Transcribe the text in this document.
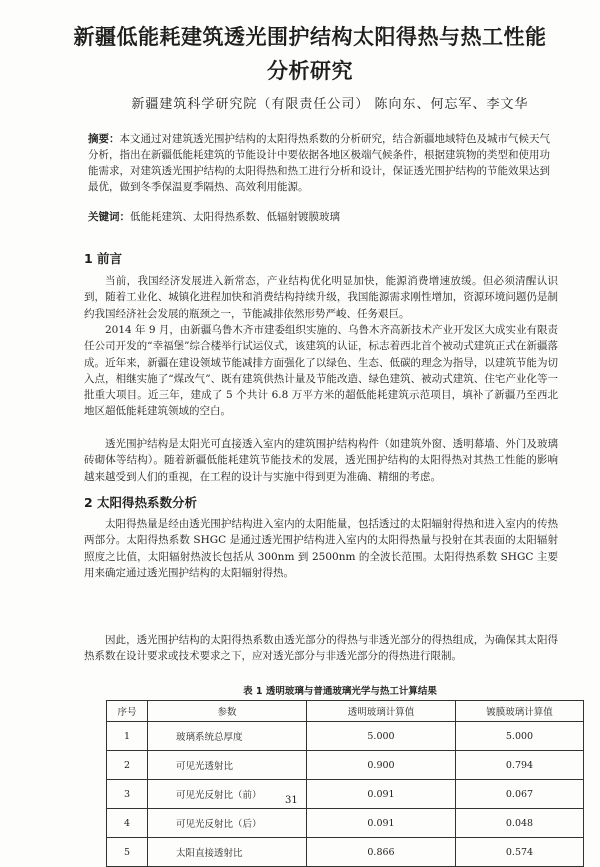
新疆低能耗建筑透光围护结构太阳得热与热工性能分析研究
新疆建筑科学研究院（有限责任公司） 陈向东、何忘军、李文华
摘要：本文通过对建筑透光围护结构的太阳得热系数的分析研究，结合新疆地域特色及城市气候天气分析，指出在新疆低能耗建筑的节能设计中要依据各地区极端气候条件，根据建筑物的类型和使用功能需求，对建筑透光围护结构的太阳得热和热工进行分析和设计，保证透光围护结构的节能效果达到最优，做到冬季保温夏季隔热、高效利用能源。
关键词：低能耗建筑、太阳得热系数、低辐射镀膜玻璃
1 前言
当前，我国经济发展进入新常态，产业结构优化明显加快，能源消费增速放缓。但必须清醒认识到，随着工业化、城镇化进程加快和消费结构持续升级，我国能源需求刚性增加，资源环境问题仍是制约我国经济社会发展的瓶颈之一，节能减排依然形势严峻、任务艰巨。
2014 年 9 月，由新疆乌鲁木齐市建委组织实施的、乌鲁木齐高新技术产业开发区大成实业有限责任公司开发的“幸福堡”综合楼举行试运仪式，该建筑的认证，标志着西北首个被动式建筑正式在新疆落成。近年来，新疆在建设领域节能减排方面强化了以绿色、生态、低碳的理念为指导，以建筑节能为切入点，相继实施了“煤改气”、既有建筑供热计量及节能改造、绿色建筑、被动式建筑、住宅产业化等一批重大项目。近三年，建成了 5 个共计 6.8 万平方米的超低能耗建筑示范项目，填补了新疆乃至西北地区超低能耗建筑领域的空白。
透光围护结构是太阳光可直接透入室内的建筑围护结构构件（如建筑外窗、透明幕墙、外门及玻璃砖砌体等结构）。随着新疆低能耗建筑节能技术的发展，透光围护结构的太阳得热对其热工性能的影响越来越受到人们的重视，在工程的设计与实施中得到更为准确、精细的考虑。
2 太阳得热系数分析
太阳得热量是经由透光围护结构进入室内的太阳能量，包括透过的太阳辐射得热和进入室内的传热两部分。太阳得热系数 SHGC 是通过透光围护结构进入室内的太阳得热量与投射在其表面的太阳辐射照度之比值，太阳辐射热波长包括从 300nm 到 2500nm 的全波长范围。太阳得热系数 SHGC 主要用来确定通过透光围护结构的太阳辐射得热。
因此，透光围护结构的太阳得热系数由透光部分的得热与非透光部分的得热组成，为确保其太阳得热系数在设计要求或技术要求之下，应对透光部分与非透光部分的得热进行限制。
表 1 透明玻璃与普通玻璃光学与热工计算结果
序号	参数	透明玻璃计算值	镀膜玻璃计算值
1	玻璃系统总厚度	5.000	5.000
2	可见光透射比	0.900	0.794
3	可见光反射比（前）	0.091	0.067
4	可见光反射比（后）	0.091	0.048
5	太阳直接透射比	0.866	0.574
31
